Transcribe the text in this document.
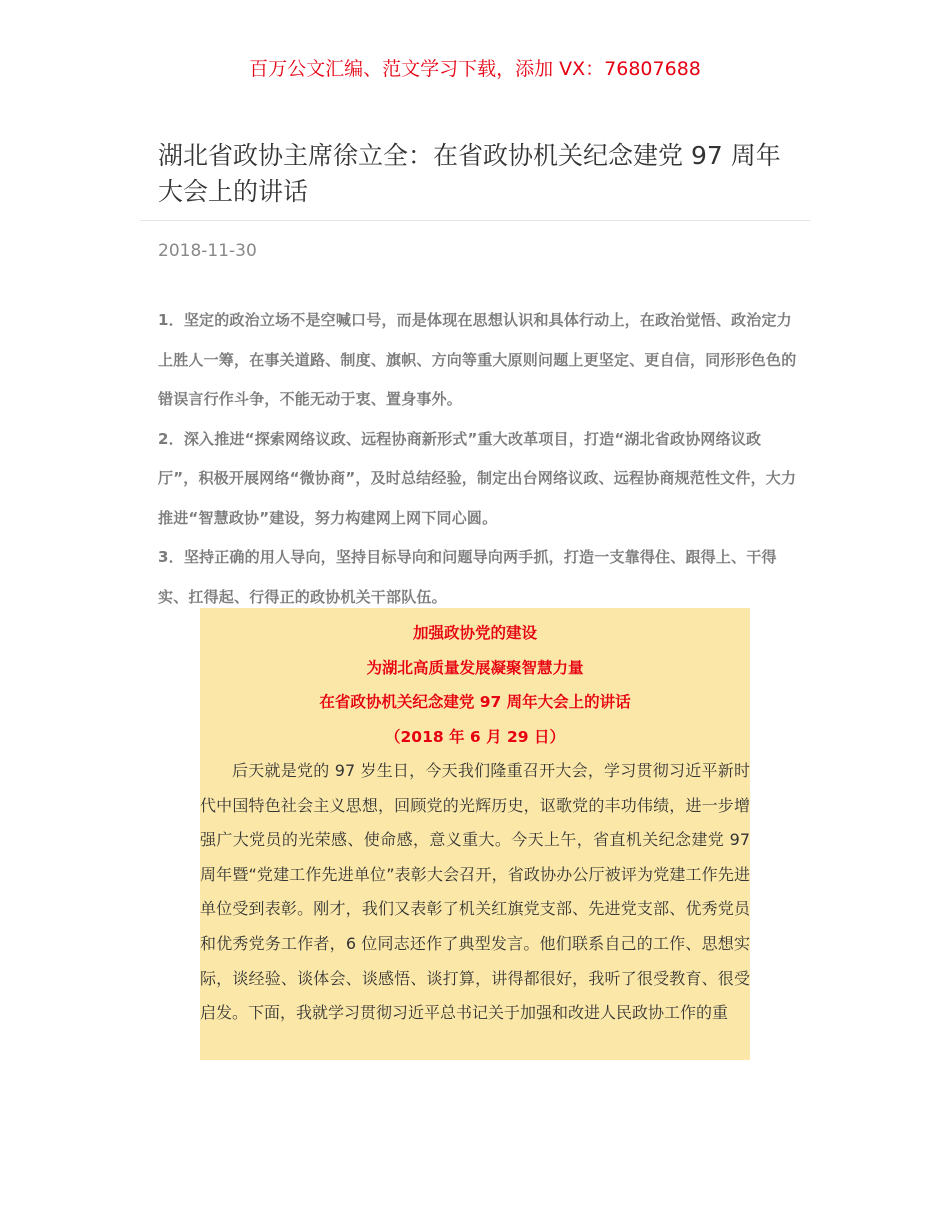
百万公文汇编、范文学习下载，添加 VX：76807688
湖北省政协主席徐立全：在省政协机关纪念建党 97 周年大会上的讲话
2018-11-30

1．坚定的政治立场不是空喊口号，而是体现在思想认识和具体行动上，在政治觉悟、政治定力上胜人一筹，在事关道路、制度、旗帜、方向等重大原则问题上更坚定、更自信，同形形色色的错误言行作斗争，不能无动于衷、置身事外。

2．深入推进“探索网络议政、远程协商新形式”重大改革项目，打造“湖北省政协网络议政厅”，积极开展网络“微协商”，及时总结经验，制定出台网络议政、远程协商规范性文件，大力推进“智慧政协”建设，努力构建网上网下同心圆。

3．坚持正确的用人导向，坚持目标导向和问题导向两手抓，打造一支靠得住、跟得上、干得实、扛得起、行得正的政协机关干部队伍。

加强政协党的建设

为湖北高质量发展凝聚智慧力量

在省政协机关纪念建党 97 周年大会上的讲话

（2018 年 6 月 29 日）

后天就是党的 97 岁生日，今天我们隆重召开大会，学习贯彻习近平新时代中国特色社会主义思想，回顾党的光辉历史，讴歌党的丰功伟绩，进一步增强广大党员的光荣感、使命感，意义重大。今天上午，省直机关纪念建党 97 周年暨“党建工作先进单位”表彰大会召开，省政协办公厅被评为党建工作先进单位受到表彰。刚才，我们又表彰了机关红旗党支部、先进党支部、优秀党员和优秀党务工作者，6 位同志还作了典型发言。他们联系自己的工作、思想实际，谈经验、谈体会、谈感悟、谈打算，讲得都很好，我听了很受教育、很受启发。下面，我就学习贯彻习近平总书记关于加强和改进人民政协工作的重
